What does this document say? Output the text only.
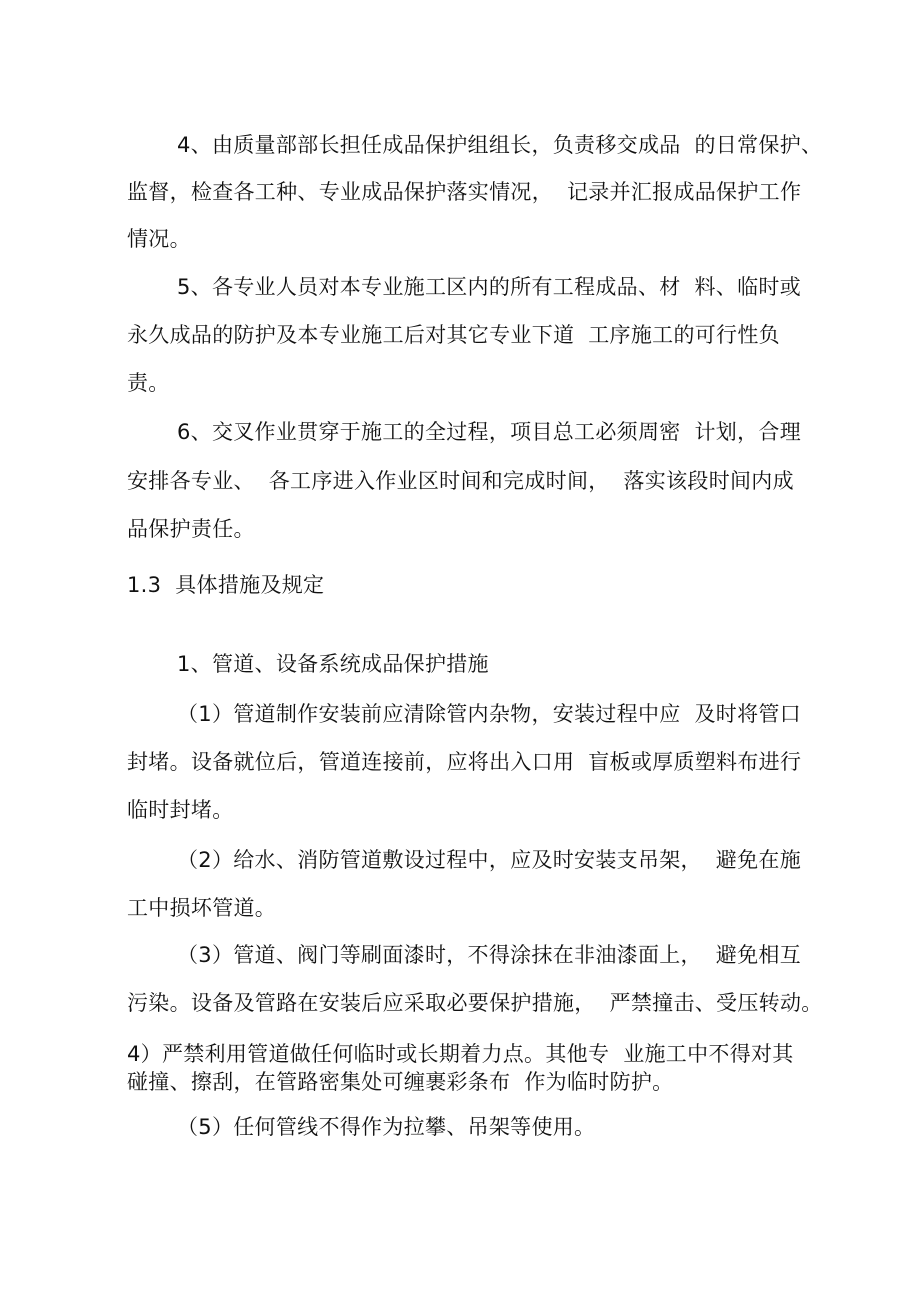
4、由质量部部长担任成品保护组组长，负责移交成品  的日常保护、
监督，检查各工种、专业成品保护落实情况，  记录并汇报成品保护工作
情况。
5、各专业人员对本专业施工区内的所有工程成品、材  料、临时或
永久成品的防护及本专业施工后对其它专业下道  工序施工的可行性负
责。
6、交叉作业贯穿于施工的全过程，项目总工必须周密  计划，合理
安排各专业、  各工序进入作业区时间和完成时间，  落实该段时间内成
品保护责任。
1.3  具体措施及规定
1、管道、设备系统成品保护措施
（1）管道制作安装前应清除管内杂物，安装过程中应  及时将管口
封堵。设备就位后，管道连接前，应将出入口用  盲板或厚质塑料布进行
临时封堵。
（2）给水、消防管道敷设过程中，应及时安装支吊架，  避免在施
工中损坏管道。
（3）管道、阀门等刷面漆时，不得涂抹在非油漆面上，  避免相互
污染。设备及管路在安装后应采取必要保护措施，  严禁撞击、受压转动。
4）严禁利用管道做任何临时或长期着力点。其他专  业施工中不得对其
碰撞、擦刮，在管路密集处可缠裹彩条布  作为临时防护。
（5）任何管线不得作为拉攀、吊架等使用。
